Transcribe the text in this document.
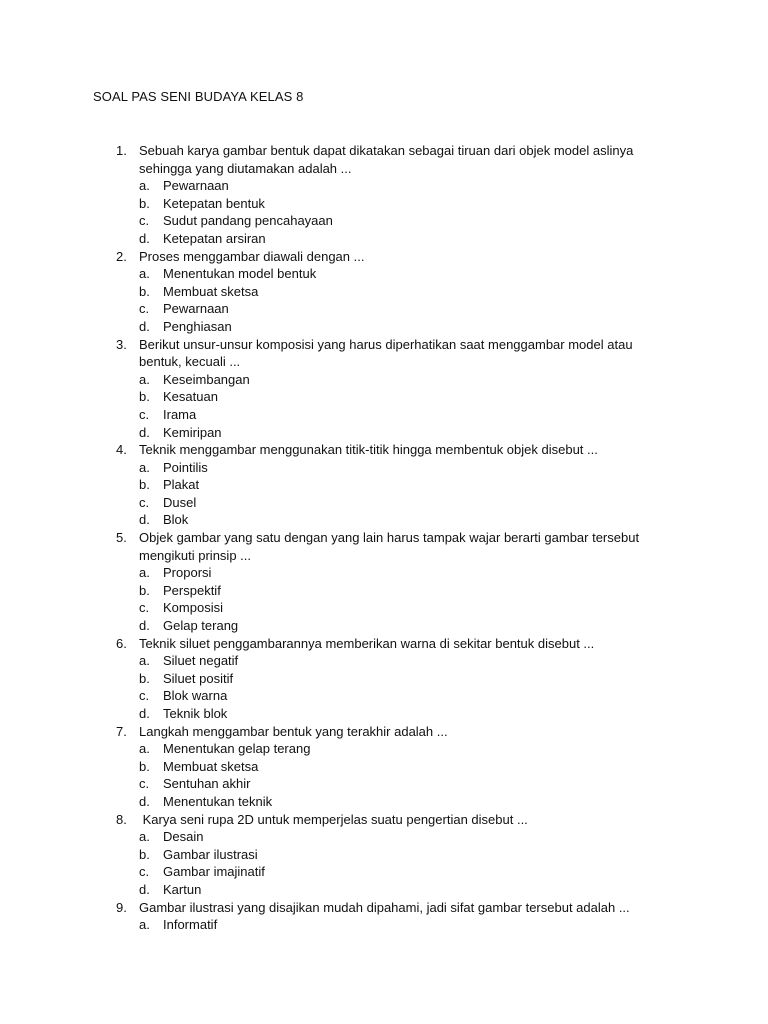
SOAL PAS SENI BUDAYA KELAS 8
1. Sebuah karya gambar bentuk dapat dikatakan sebagai tiruan dari objek model aslinya sehingga yang diutamakan adalah ...
a. Pewarnaan
b. Ketepatan bentuk
c. Sudut pandang pencahayaan
d. Ketepatan arsiran
2. Proses menggambar diawali dengan ...
a. Menentukan model bentuk
b. Membuat sketsa
c. Pewarnaan
d. Penghiasan
3. Berikut unsur-unsur komposisi yang harus diperhatikan saat menggambar model atau bentuk, kecuali ...
a. Keseimbangan
b. Kesatuan
c. Irama
d. Kemiripan
4. Teknik menggambar menggunakan titik-titik hingga membentuk objek disebut ...
a. Pointilis
b. Plakat
c. Dusel
d. Blok
5. Objek gambar yang satu dengan yang lain harus tampak wajar berarti gambar tersebut mengikuti prinsip ...
a. Proporsi
b. Perspektif
c. Komposisi
d. Gelap terang
6. Teknik siluet penggambarannya memberikan warna di sekitar bentuk disebut ...
a. Siluet negatif
b. Siluet positif
c. Blok warna
d. Teknik blok
7. Langkah menggambar bentuk yang terakhir adalah ...
a. Menentukan gelap terang
b. Membuat sketsa
c. Sentuhan akhir
d. Menentukan teknik
8. Karya seni rupa 2D untuk memperjelas suatu pengertian disebut ...
a. Desain
b. Gambar ilustrasi
c. Gambar imajinatif
d. Kartun
9. Gambar ilustrasi yang disajikan mudah dipahami, jadi sifat gambar tersebut adalah ...
a. Informatif
